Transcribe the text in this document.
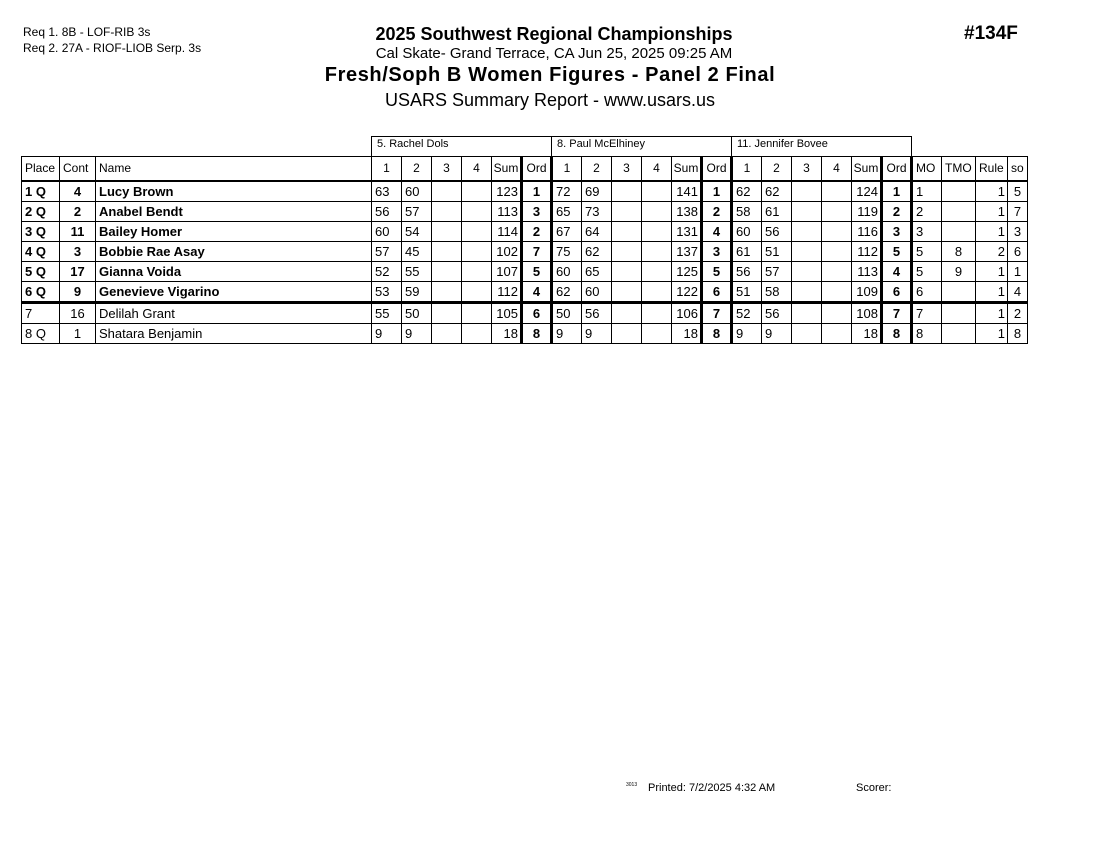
Req 1. 8B - LOF-RIB 3s
Req 2. 27A - RIOF-LIOB Serp. 3s
2025 Southwest Regional Championships
Cal Skate- Grand Terrace, CA Jun 25, 2025 09:25 AM
Fresh/Soph B Women Figures - Panel 2 Final
USARS Summary Report - www.usars.us
#134F
			5. Rachel Dols						8. Paul McElhiney						11. Jennifer Bovee									
Place	Cont	Name	1	2	3	4	Sum	Ord	1	2	3	4	Sum	Ord	1	2	3	4	Sum	Ord	MO	TMO	Rule	so
1 Q	4	Lucy Brown	63	60			123	1	72	69			141	1	62	62			124	1	1		1	5
2 Q	2	Anabel Bendt	56	57			113	3	65	73			138	2	58	61			119	2	2		1	7
3 Q	11	Bailey Homer	60	54			114	2	67	64			131	4	60	56			116	3	3		1	3
4 Q	3	Bobbie Rae Asay	57	45			102	7	75	62			137	3	61	51			112	5	5	8	2	6
5 Q	17	Gianna Voida	52	55			107	5	60	65			125	5	56	57			113	4	5	9	1	1
6 Q	9	Genevieve Vigarino	53	59			112	4	62	60			122	6	51	58			109	6	6		1	4
7	16	Delilah Grant	55	50			105	6	50	56			106	7	52	56			108	7	7		1	2
8 Q	1	Shatara Benjamin	9	9			18	8	9	9			18	8	9	9			18	8	8		1	8
3013 Printed: 7/2/2025 4:32 AM	Scorer:
